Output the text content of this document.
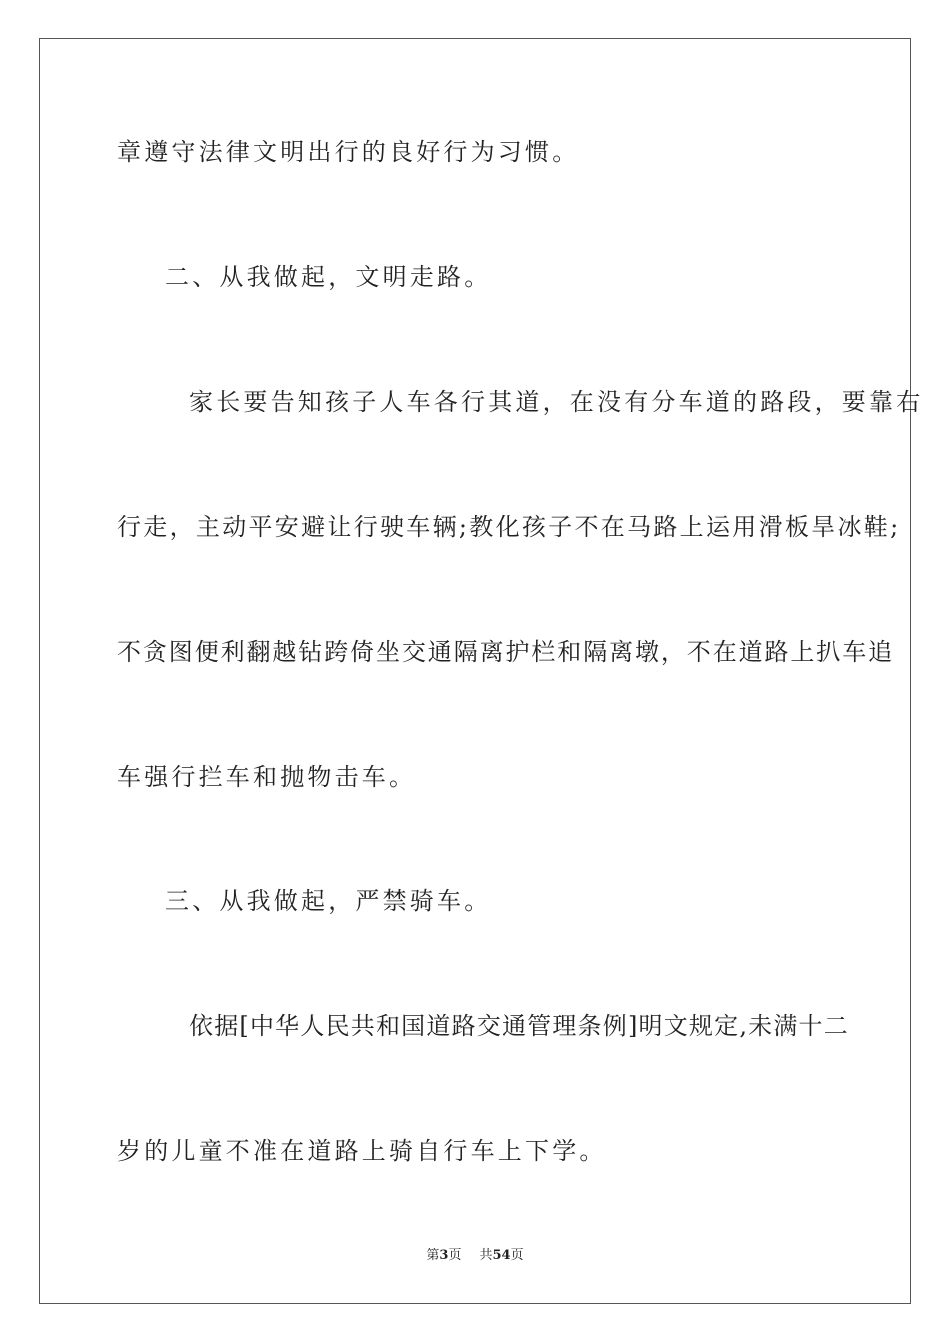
章遵守法律文明出行的良好行为习惯。
二、从我做起，文明走路。
家长要告知孩子人车各行其道，在没有分车道的路段，要靠右
行走，主动平安避让行驶车辆;教化孩子不在马路上运用滑板旱冰鞋;
不贪图便利翻越钻跨倚坐交通隔离护栏和隔离墩，不在道路上扒车追
车强行拦车和抛物击车。
三、从我做起，严禁骑车。
依据[中华人民共和国道路交通管理条例]明文规定,未满十二
岁的儿童不准在道路上骑自行车上下学。
第3页 共54页
